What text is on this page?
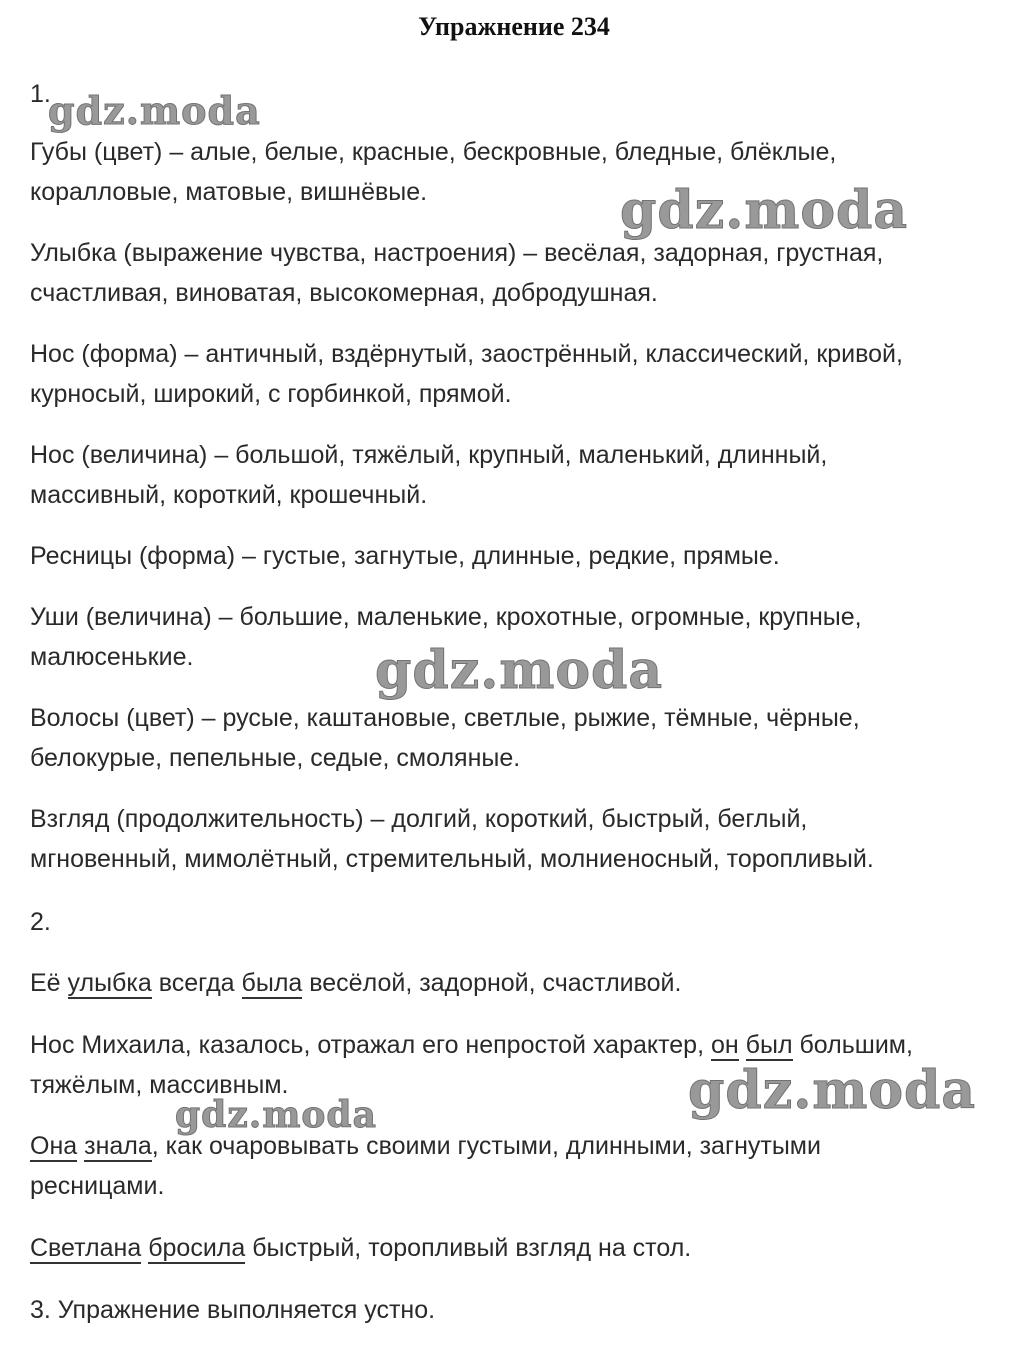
Упражнение 234
1.
Губы (цвет) – алые, белые, красные, бескровные, бледные, блёклые,
коралловые, матовые, вишнёвые.
Улыбка (выражение чувства, настроения) – весёлая, задорная, грустная,
счастливая, виноватая, высокомерная, добродушная.
Нос (форма) – античный, вздёрнутый, заострённый, классический, кривой,
курносый, широкий, с горбинкой, прямой.
Нос (величина) – большой, тяжёлый, крупный, маленький, длинный,
массивный, короткий, крошечный.
Ресницы (форма) – густые, загнутые, длинные, редкие, прямые.
Уши (величина) – большие, маленькие, крохотные, огромные, крупные,
малюсенькие.
Волосы (цвет) – русые, каштановые, светлые, рыжие, тёмные, чёрные,
белокурые, пепельные, седые, смоляные.
Взгляд (продолжительность) – долгий, короткий, быстрый, беглый,
мгновенный, мимолётный, стремительный, молниеносный, торопливый.
2.
Её улыбка всегда была весёлой, задорной, счастливой.
Нос Михаила, казалось, отражал его непростой характер, он был большим,
тяжёлым, массивным.
Она знала, как очаровывать своими густыми, длинными, загнутыми
ресницами.
Светлана бросила быстрый, торопливый взгляд на стол.
3. Упражнение выполняется устно.
gdz.moda
gdz.moda
gdz.moda
gdz.moda
gdz.moda
